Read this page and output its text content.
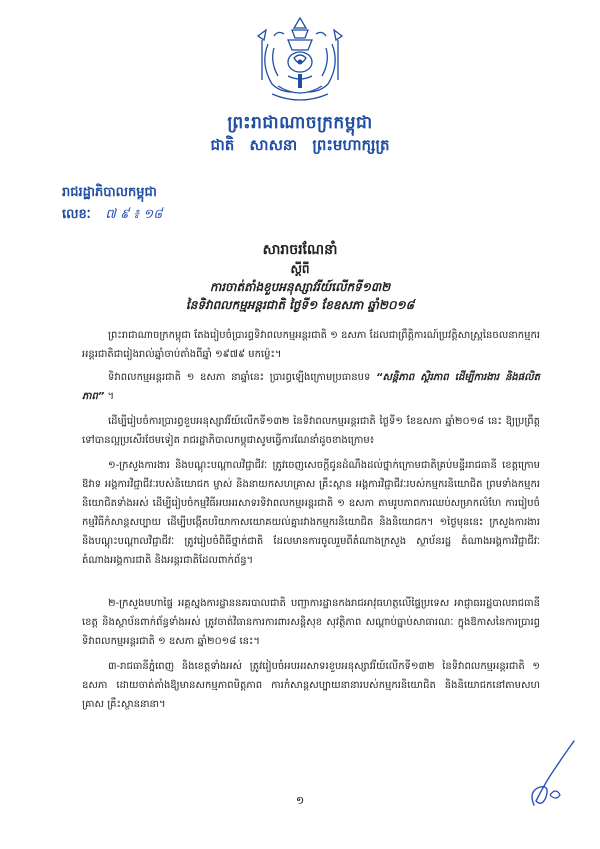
ព្រះរាជាណាចក្រកម្ពុជា
ជាតិ សាសនា ព្រះមហាក្សត្រ
រាជរដ្ឋាភិបាលកម្ពុជា
លេខៈ ៧ ៩ ៖ ១៨
សារាចរណែនាំ
ស្តីពី
ការចាត់តាំងខួបអនុស្សាវរីយ៍លើកទី១៣២
នៃទិវាពលកម្មអន្តរជាតិ ថ្ងៃទី១ ខែឧសភា ឆ្នាំ២០១៨
ព្រះរាជាណាចក្រកម្ពុជា តែងរៀបចំប្រារព្ធទិវាពលកម្មអន្តរជាតិ ១ ឧសភា ដែលជាព្រឹត្តិការណ៍ប្រវត្តិសាស្ត្រនៃចលនាកម្មករអន្តរជាតិជារៀងរាល់ឆ្នាំចាប់តាំងពីឆ្នាំ ១៩៧៩ មកម្ល៉េះ។
ទិវាពលកម្មអន្តរជាតិ ១ ឧសភា នាឆ្នាំនេះ ប្រារព្ធឡើងក្រោមប្រធានបទ “សន្តិភាព ស្ថិរភាព ដើម្បីការងារ និងផលិតភាព” ។
ដើម្បីរៀបចំការប្រារព្ធខួបអនុស្សាវរីយ៍លើកទី១៣២ នៃទិវាពលកម្មអន្តរជាតិ ថ្ងៃទី១ ខែឧសភា ឆ្នាំ២០១៨ នេះ ឱ្យប្រព្រឹត្តទៅបានល្អប្រសើរថែមទៀត រាជរដ្ឋាភិបាលកម្ពុជាសូមធ្វើការណែនាំដូចខាងក្រោម៖
១-ក្រសួងការងារ និងបណ្តុះបណ្តាលវិជ្ជាជីវៈ ត្រូវចេញសេចក្តីជូនដំណឹងដល់ថ្នាក់ក្រោមជាតិគ្រប់មន្ទីររាជធានី ខេត្តក្រោមឱវាទ អង្គការវិជ្ជាជីវៈរបស់និយោជក ម្ចាស់ និងនាយកសហគ្រាស គ្រឹះស្ថាន អង្គការវិជ្ជាជីវៈរបស់កម្មករនិយោជិត ព្រមទាំងកម្មករនិយោជិតទាំងអស់ ដើម្បីរៀបចំកម្មវិធីអបអរសាទរទិវាពលកម្មអន្តរជាតិ ១ ឧសភា តាមរូបភាពការឈប់សម្រាកលំហែ ការរៀបចំកម្មវិធីកំសាន្តសប្បាយ ដើម្បីបង្កើតបរិយាកាសយោគយល់គ្នារវាងកម្មករនិយោជិត និងនិយោជក។ ១ថ្ងៃមុននេះ ក្រសួងការងារ និងបណ្តុះបណ្តាលវិជ្ជាជីវៈ ត្រូវរៀបចំពិធីថ្នាក់ជាតិ ដែលមានការចូលរួមពីតំណាងក្រសួង ស្ថាប័នរដ្ឋ តំណាងអង្គការវិជ្ជាជីវៈ តំណាងអង្គការជាតិ និងអន្តរជាតិដែលពាក់ព័ន្ធ។
២-ក្រសួងមហាផ្ទៃ អគ្គស្នងការដ្ឋាននគរបាលជាតិ បញ្ជាការដ្ឋានកងរាជអាវុធហត្ថលើផ្ទៃប្រទេស អាជ្ញាធររដ្ឋបាលរាជធានី ខេត្ត និងស្ថាប័នពាក់ព័ន្ធទាំងអស់ ត្រូវចាត់វិធានការការពារសន្តិសុខ សុវត្ថិភាព សណ្តាប់ធ្នាប់សាធារណៈ ក្នុងឱកាសនៃការប្រារព្ធទិវាពលកម្មអន្តរជាតិ ១ ឧសភា ឆ្នាំ២០១៨ នេះ។
៣-រាជធានីភ្នំពេញ និងខេត្តទាំងអស់ ត្រូវរៀបចំអបអរសាទរខួបអនុស្សាវរីយ៍លើកទី១៣២ នៃទិវាពលកម្មអន្តរជាតិ ១ ឧសភា ដោយចាត់តាំងឱ្យមានសកម្មភាពមិត្តភាព ការកំសាន្តសប្បាយនានារបស់កម្មករនិយោជិត និងនិយោជកនៅតាមសហគ្រាស គ្រឹះស្ថាននានា។
១
